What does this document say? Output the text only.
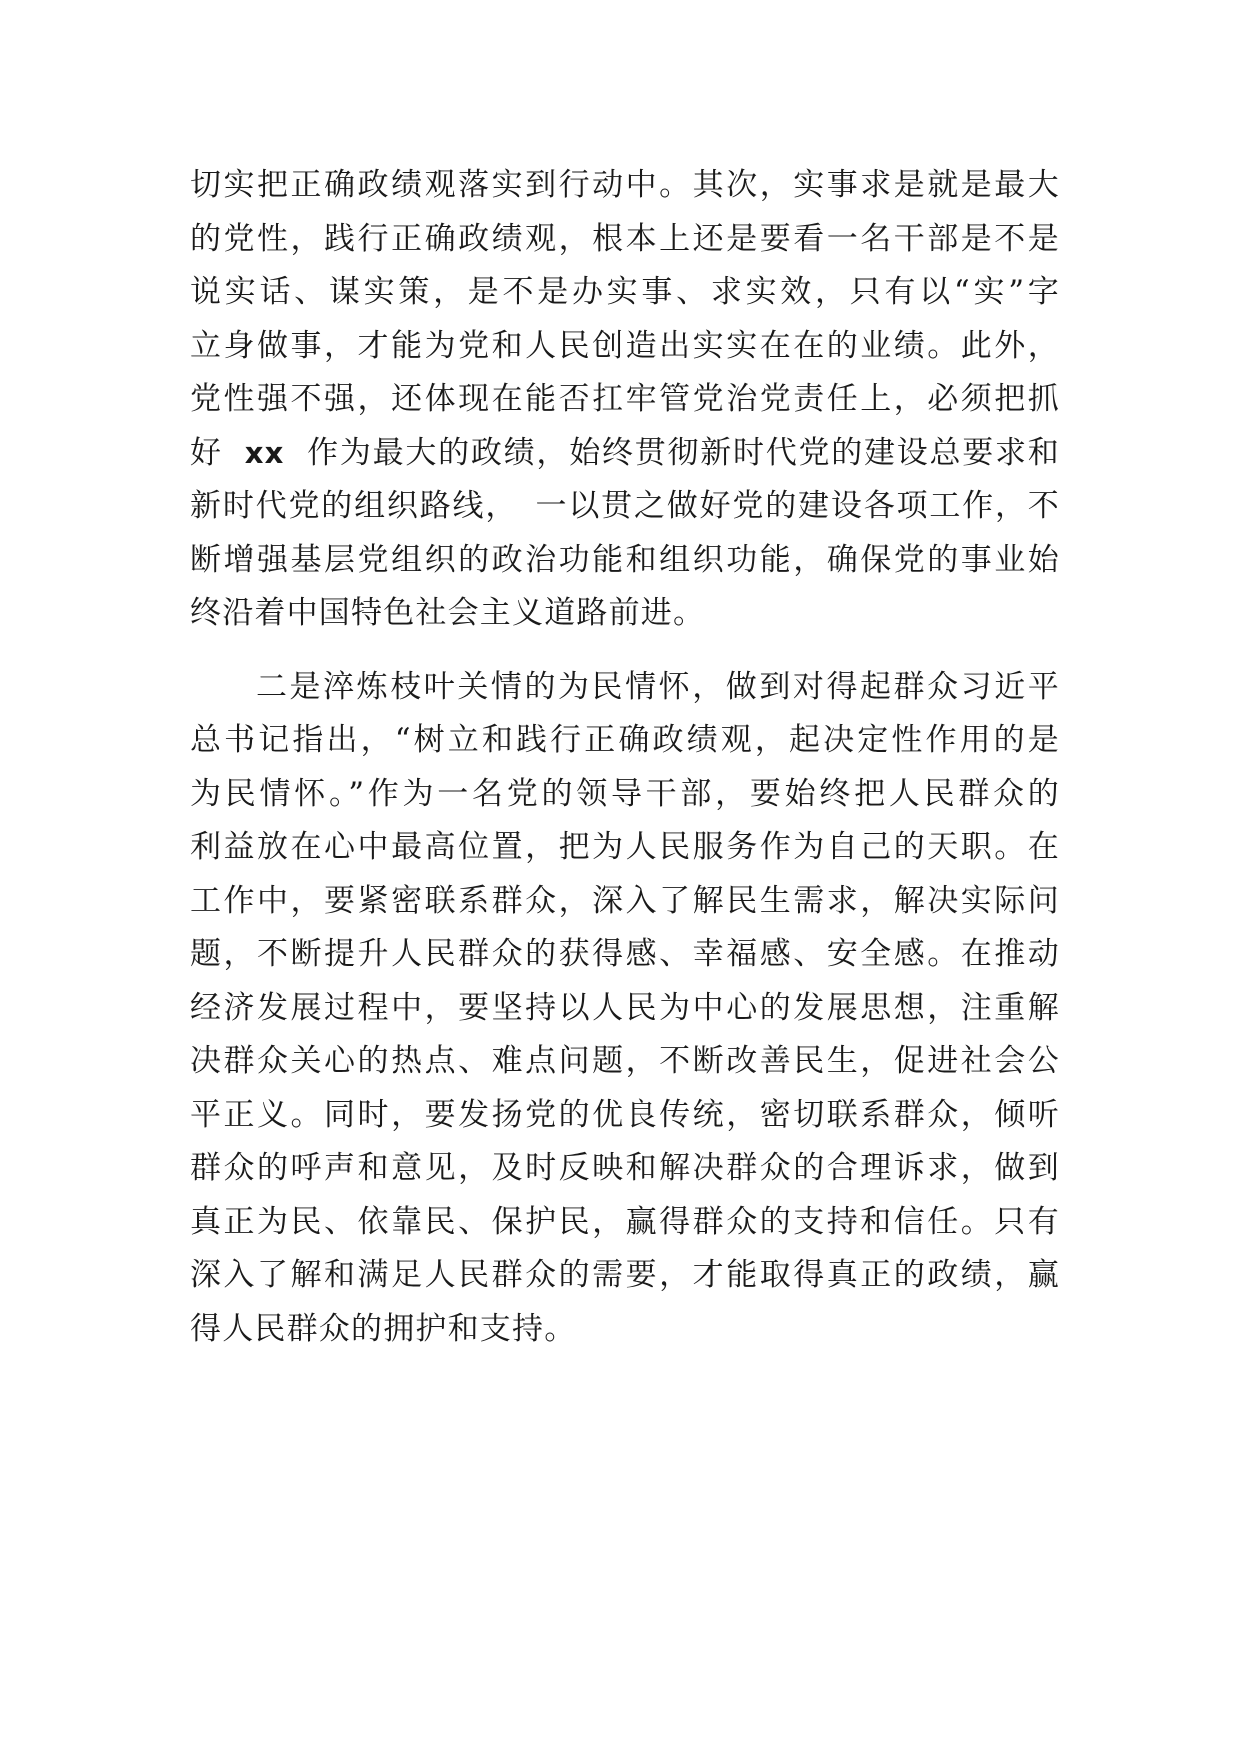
切实把正确政绩观落实到行动中。其次，实事求是就是最大
的党性，践行正确政绩观，根本上还是要看一名干部是不是
说实话、谋实策，是不是办实事、求实效，只有以“实”字
立身做事，才能为党和人民创造出实实在在的业绩。此外，
党性强不强，还体现在能否扛牢管党治党责任上，必须把抓
好 xx 作为最大的政绩，始终贯彻新时代党的建设总要求和
新时代党的组织路线，　一以贯之做好党的建设各项工作，不
断增强基层党组织的政治功能和组织功能，确保党的事业始
终沿着中国特色社会主义道路前进。
二是淬炼枝叶关情的为民情怀，做到对得起群众习近平
总书记指出，“树立和践行正确政绩观，起决定性作用的是
为民情怀。”作为一名党的领导干部，要始终把人民群众的
利益放在心中最高位置，把为人民服务作为自己的天职。在
工作中，要紧密联系群众，深入了解民生需求，解决实际问
题，不断提升人民群众的获得感、幸福感、安全感。在推动
经济发展过程中，要坚持以人民为中心的发展思想，注重解
决群众关心的热点、难点问题，不断改善民生，促进社会公
平正义。同时，要发扬党的优良传统，密切联系群众，倾听
群众的呼声和意见，及时反映和解决群众的合理诉求，做到
真正为民、依靠民、保护民，赢得群众的支持和信任。只有
深入了解和满足人民群众的需要，才能取得真正的政绩，赢
得人民群众的拥护和支持。
